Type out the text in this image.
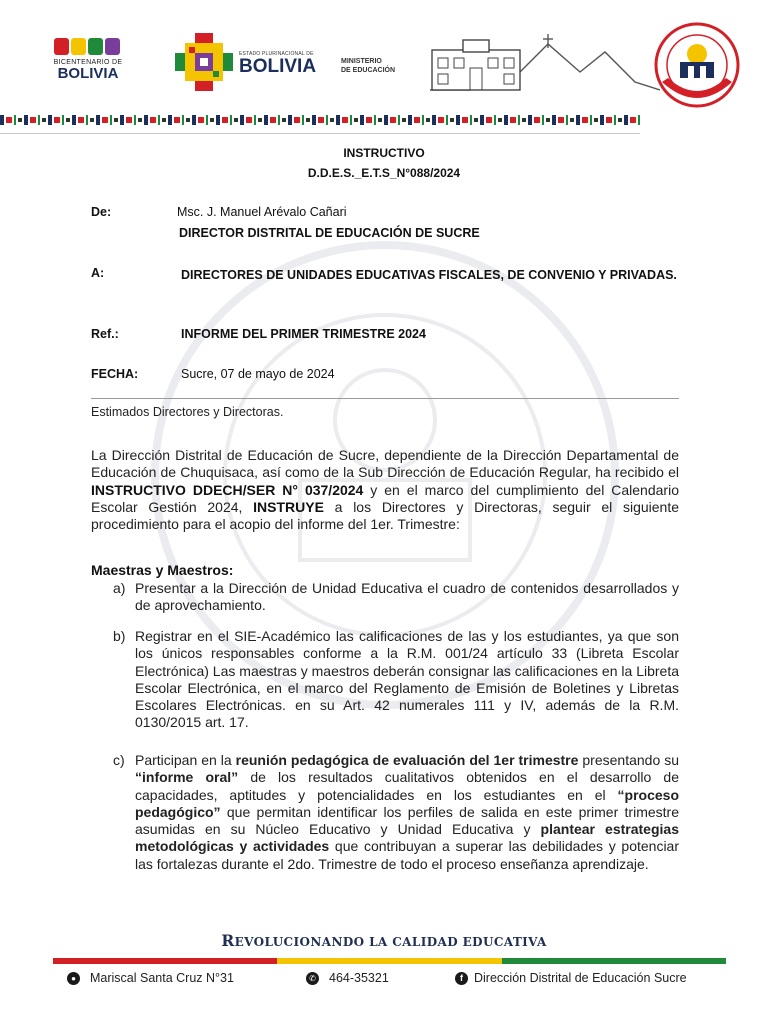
BICENTENARIO DE
BOLIVIA
ESTADO PLURINACIONAL DE
BOLIVIA	MINISTERIO
DE EDUCACIÓN
INSTRUCTIVO
D.D.E.S._E.T.S_N°088/2024
De:	Msc. J. Manuel Arévalo Cañari
DIRECTOR DISTRITAL DE EDUCACIÓN DE SUCRE
A:	DIRECTORES DE UNIDADES EDUCATIVAS FISCALES, DE CONVENIO Y PRIVADAS.
Ref.:	INFORME DEL PRIMER TRIMESTRE 2024
FECHA:	Sucre, 07 de mayo de 2024
Estimados Directores y Directoras.
La Dirección Distrital de Educación de Sucre, dependiente de la Dirección Departamental de Educación de Chuquisaca, así como de la Sub Dirección de Educación Regular, ha recibido el INSTRUCTIVO DDECH/SER N° 037/2024 y en el marco del cumplimiento del Calendario Escolar Gestión 2024, INSTRUYE a los Directores y Directoras, seguir el siguiente procedimiento para el acopio del informe del 1er. Trimestre:
Maestras y Maestros:
a) Presentar a la Dirección de Unidad Educativa el cuadro de contenidos desarrollados y de aprovechamiento.
b) Registrar en el SIE-Académico las calificaciones de las y los estudiantes, ya que son los únicos responsables conforme a la R.M. 001/24 artículo 33 (Libreta Escolar Electrónica) Las maestras y maestros deberán consignar las calificaciones en la Libreta Escolar Electrónica, en el marco del Reglamento de Emisión de Boletines y Libretas Escolares Electrónicas. en su Art. 42 numerales 111 y IV, además de la R.M. 0130/2015 art. 17.
c) Participan en la reunión pedagógica de evaluación del 1er trimestre presentando su “informe oral” de los resultados cualitativos obtenidos en el desarrollo de capacidades, aptitudes y potencialidades en los estudiantes en el “proceso pedagógico” que permitan identificar los perfiles de salida en este primer trimestre asumidas en su Núcleo Educativo y Unidad Educativa y plantear estrategias metodológicas y actividades que contribuyan a superar las debilidades y potenciar las fortalezas durante el 2do. Trimestre de todo el proceso enseñanza aprendizaje.
REVOLUCIONANDO LA CALIDAD EDUCATIVA
●	Mariscal Santa Cruz N°31	✆ 464-35321	f Dirección Distrital de Educación Sucre
